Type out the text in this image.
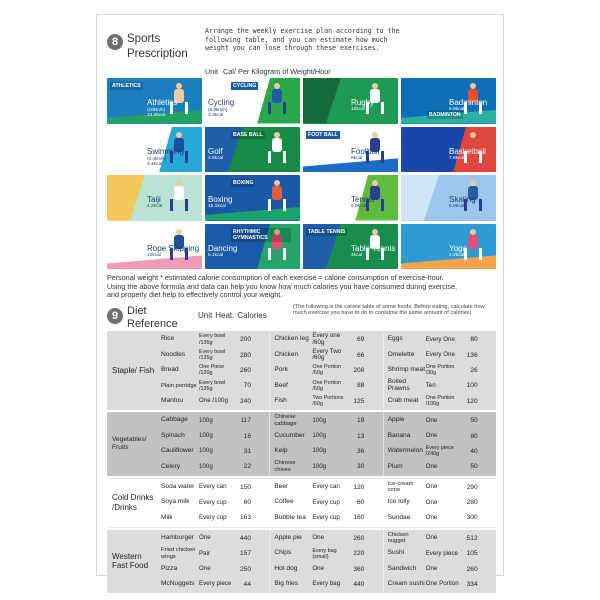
8 Sports
Prescription
Arrange the weekly exercise plan according to the
following table, and you can estimate how much
weight you can lose through these exercises.
Unit Cal/ Per Kilogram of Weight/Hour
ATHLETICS
Athletics
(10km/h)
13.2kcal
CYCLING
Cycling
(8.8km/h)
3.3kcal
Rugby
10kcal
BADMINTON
Badminton
6.9kcal
Swimming
(0.4km/h)
4.4kcal
BASE BALL
Golf
4.5kcal
FOOT BALL
Football
8kcal
Basketball
7.8kcal
Taiji
4.2kcal
BOXING
Boxing
15.1kcal
Tennis
6.9kcal
Skating
5.9kcal
Rope Skipping
10kcal
RHYTHMIC GYMNASTICS
Dancing
5.1kcal
TABLE TENNIS
Table Tennis
4kcal
Yoga
4.2kcal
Personal weight * estimated calorie consumption of each exercise = calorie consumption of exercise-hour.
Using the above formula and data can help you know how much calories you have consumed during exercise,
and properly diet help to effectively control your weight.
9 Diet
Reference
Unit Heat. Calories
(The following is the calorie table of some foods. Before eating, calculate how much exercise you have to do to consume the same amount of calories)
Staple/ Fish
Rice	Every bowl /135g	200
Noodles	Every bowl /135g	280
Bread	One Piece /120g	260
Plain porridge Every bowl /135g	70
Mantou	One /100g	240
Chicken leg Every one /60g	69
Chicken	Every Two /60g	66
Pork	One Portion /60g	208
Beef	One Portion /60g	88
Fish	Two Portions /60g	125
Eggs	Every One	80
Omelette	Every One	136
Shrimp meat One Portion /30g	26
Boiled Prawns	Ten	100
Crab meat	One Portion /100g	120
Vegetables/ Fruits
Cabbage	100g	117
Spinach	100g	16
Cauliflower 100g	31
Celery	100g	22
Chinese cabbage
100g	19
Cucumber	100g	13
Kelp	100g	36
Chinese chives
100g	30
Apple	One	50
Banana	One	80
Watermelon Every piece /240g	40
Plum	One	50
Cold Drinks /Drinks
Soda water Every can	150
Soya milk	Every cup	60
Milk	Every cup	163
Beer	Every can	120
Coffee	Every cup	60
Bubble tea	Every cup	160
Ice-cream cone
One	290
Ice lolly	One	280
Sundae	One	300
Western Fast Food
Hamburger One	440
Fried chicken wings
Pair	157
Pizza	One	250
McNuggets Every piece	44
Apple pie	One	260
Chips	Every bag (small)	220
Hot dog	One	360
Big fries	Every bag	440
Chicken nugget
One	512
Sushi	Every piece	105
Sandwich	One	260
Cream sushi One Portion	334
